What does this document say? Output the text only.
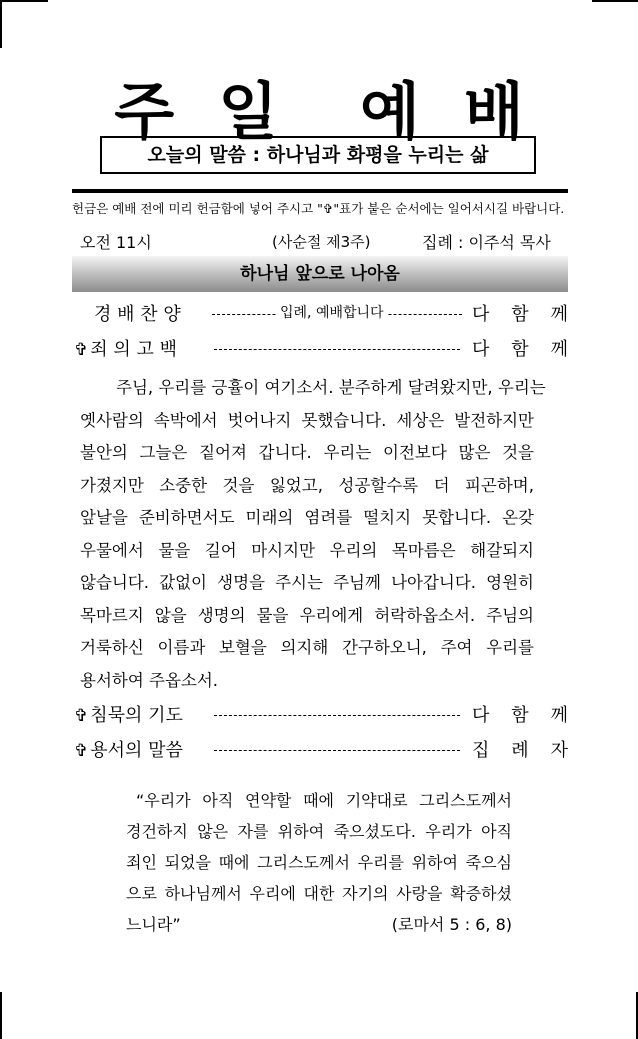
주 일 예 배
오늘의 말씀 : 하나님과 화평을 누리는 삶
헌금은 예배 전에 미리 헌금함에 넣어 주시고 "✞"표가 붙은 순서에는 일어서시길 바랍니다.
오전 11시	(사순절 제3주)	집례 : 이주석 목사
하나님 앞으로 나아옴
경 배 찬 양	입례, 예배합니다	다 함 께
✞ 죄 의 고 백	다 함 께
주님, 우리를 긍휼이 여기소서. 분주하게 달려왔지만, 우리는
옛사람의 속박에서 벗어나지 못했습니다. 세상은 발전하지만
불안의 그늘은 짙어져 갑니다. 우리는 이전보다 많은 것을
가졌지만 소중한 것을 잃었고, 성공할수록 더 피곤하며,
앞날을 준비하면서도 미래의 염려를 떨치지 못합니다. 온갖
우물에서 물을 길어 마시지만 우리의 목마름은 해갈되지
않습니다. 값없이 생명을 주시는 주님께 나아갑니다. 영원히
목마르지 않을 생명의 물을 우리에게 허락하옵소서. 주님의
거룩하신 이름과 보혈을 의지해 간구하오니, 주여 우리를
용서하여 주옵소서.
✞ 침묵의 기도	다 함 께
✞ 용서의 말씀	집 례 자
“우리가 아직 연약할 때에 기약대로 그리스도께서
경건하지 않은 자를 위하여 죽으셨도다. 우리가 아직
죄인 되었을 때에 그리스도께서 우리를 위하여 죽으심
으로 하나님께서 우리에 대한 자기의 사랑을 확증하셨
느니라”	(로마서 5 : 6, 8)
